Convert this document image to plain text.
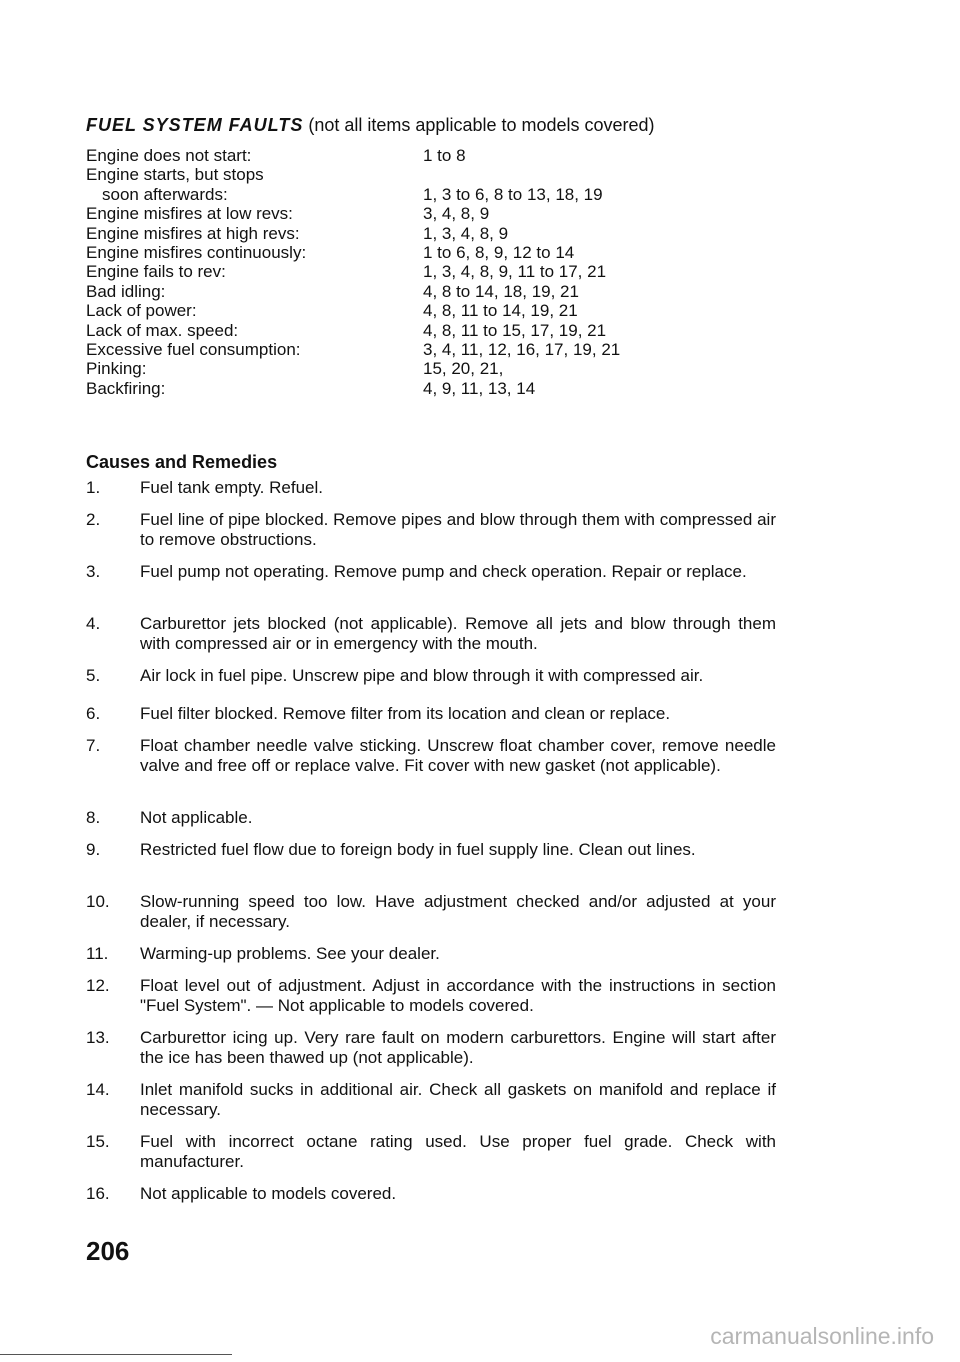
FUEL SYSTEM FAULTS (not all items applicable to models covered)
Engine does not start:	1 to 8
Engine starts, but stops
soon afterwards:	1, 3 to 6, 8 to 13, 18, 19
Engine misfires at low revs:	3, 4, 8, 9
Engine misfires at high revs:	1, 3, 4, 8, 9
Engine misfires continuously:	1 to 6, 8, 9, 12 to 14
Engine fails to rev:	1, 3, 4, 8, 9, 11 to 17, 21
Bad idling:	4, 8 to 14, 18, 19, 21
Lack of power:	4, 8, 11 to 14, 19, 21
Lack of max. speed:	4, 8, 11 to 15, 17, 19, 21
Excessive fuel consumption:	3, 4, 11, 12, 16, 17, 19, 21
Pinking:	15, 20, 21,
Backfiring:	4, 9, 11, 13, 14
Causes and Remedies
1.	Fuel tank empty. Refuel.
2.	Fuel line of pipe blocked. Remove pipes and blow through them with compressed air to remove obstructions.
3.	Fuel pump not operating. Remove pump and check operation. Repair or replace.
4.	Carburettor jets blocked (not applicable). Remove all jets and blow through them with compressed air or in emergency with the mouth.
5.	Air lock in fuel pipe. Unscrew pipe and blow through it with compressed air.
6.	Fuel filter blocked. Remove filter from its location and clean or replace.
7.	Float chamber needle valve sticking. Unscrew float chamber cover, remove needle valve and free off or replace valve. Fit cover with new gasket (not applicable).
8.	Not applicable.
9.	Restricted fuel flow due to foreign body in fuel supply line. Clean out lines.
10.	Slow-running speed too low. Have adjustment checked and/or adjusted at your dealer, if necessary.
11.	Warming-up problems. See your dealer.
12.	Float level out of adjustment. Adjust in accordance with the instructions in section "Fuel System". — Not applicable to models covered.
13.	Carburettor icing up. Very rare fault on modern carburettors. Engine will start after the ice has been thawed up (not applicable).
14.	Inlet manifold sucks in additional air. Check all gaskets on manifold and replace if necessary.
15.	Fuel with incorrect octane rating used. Use proper fuel grade. Check with manufacturer.
16.	Not applicable to models covered.
206
carmanualsonline.info
